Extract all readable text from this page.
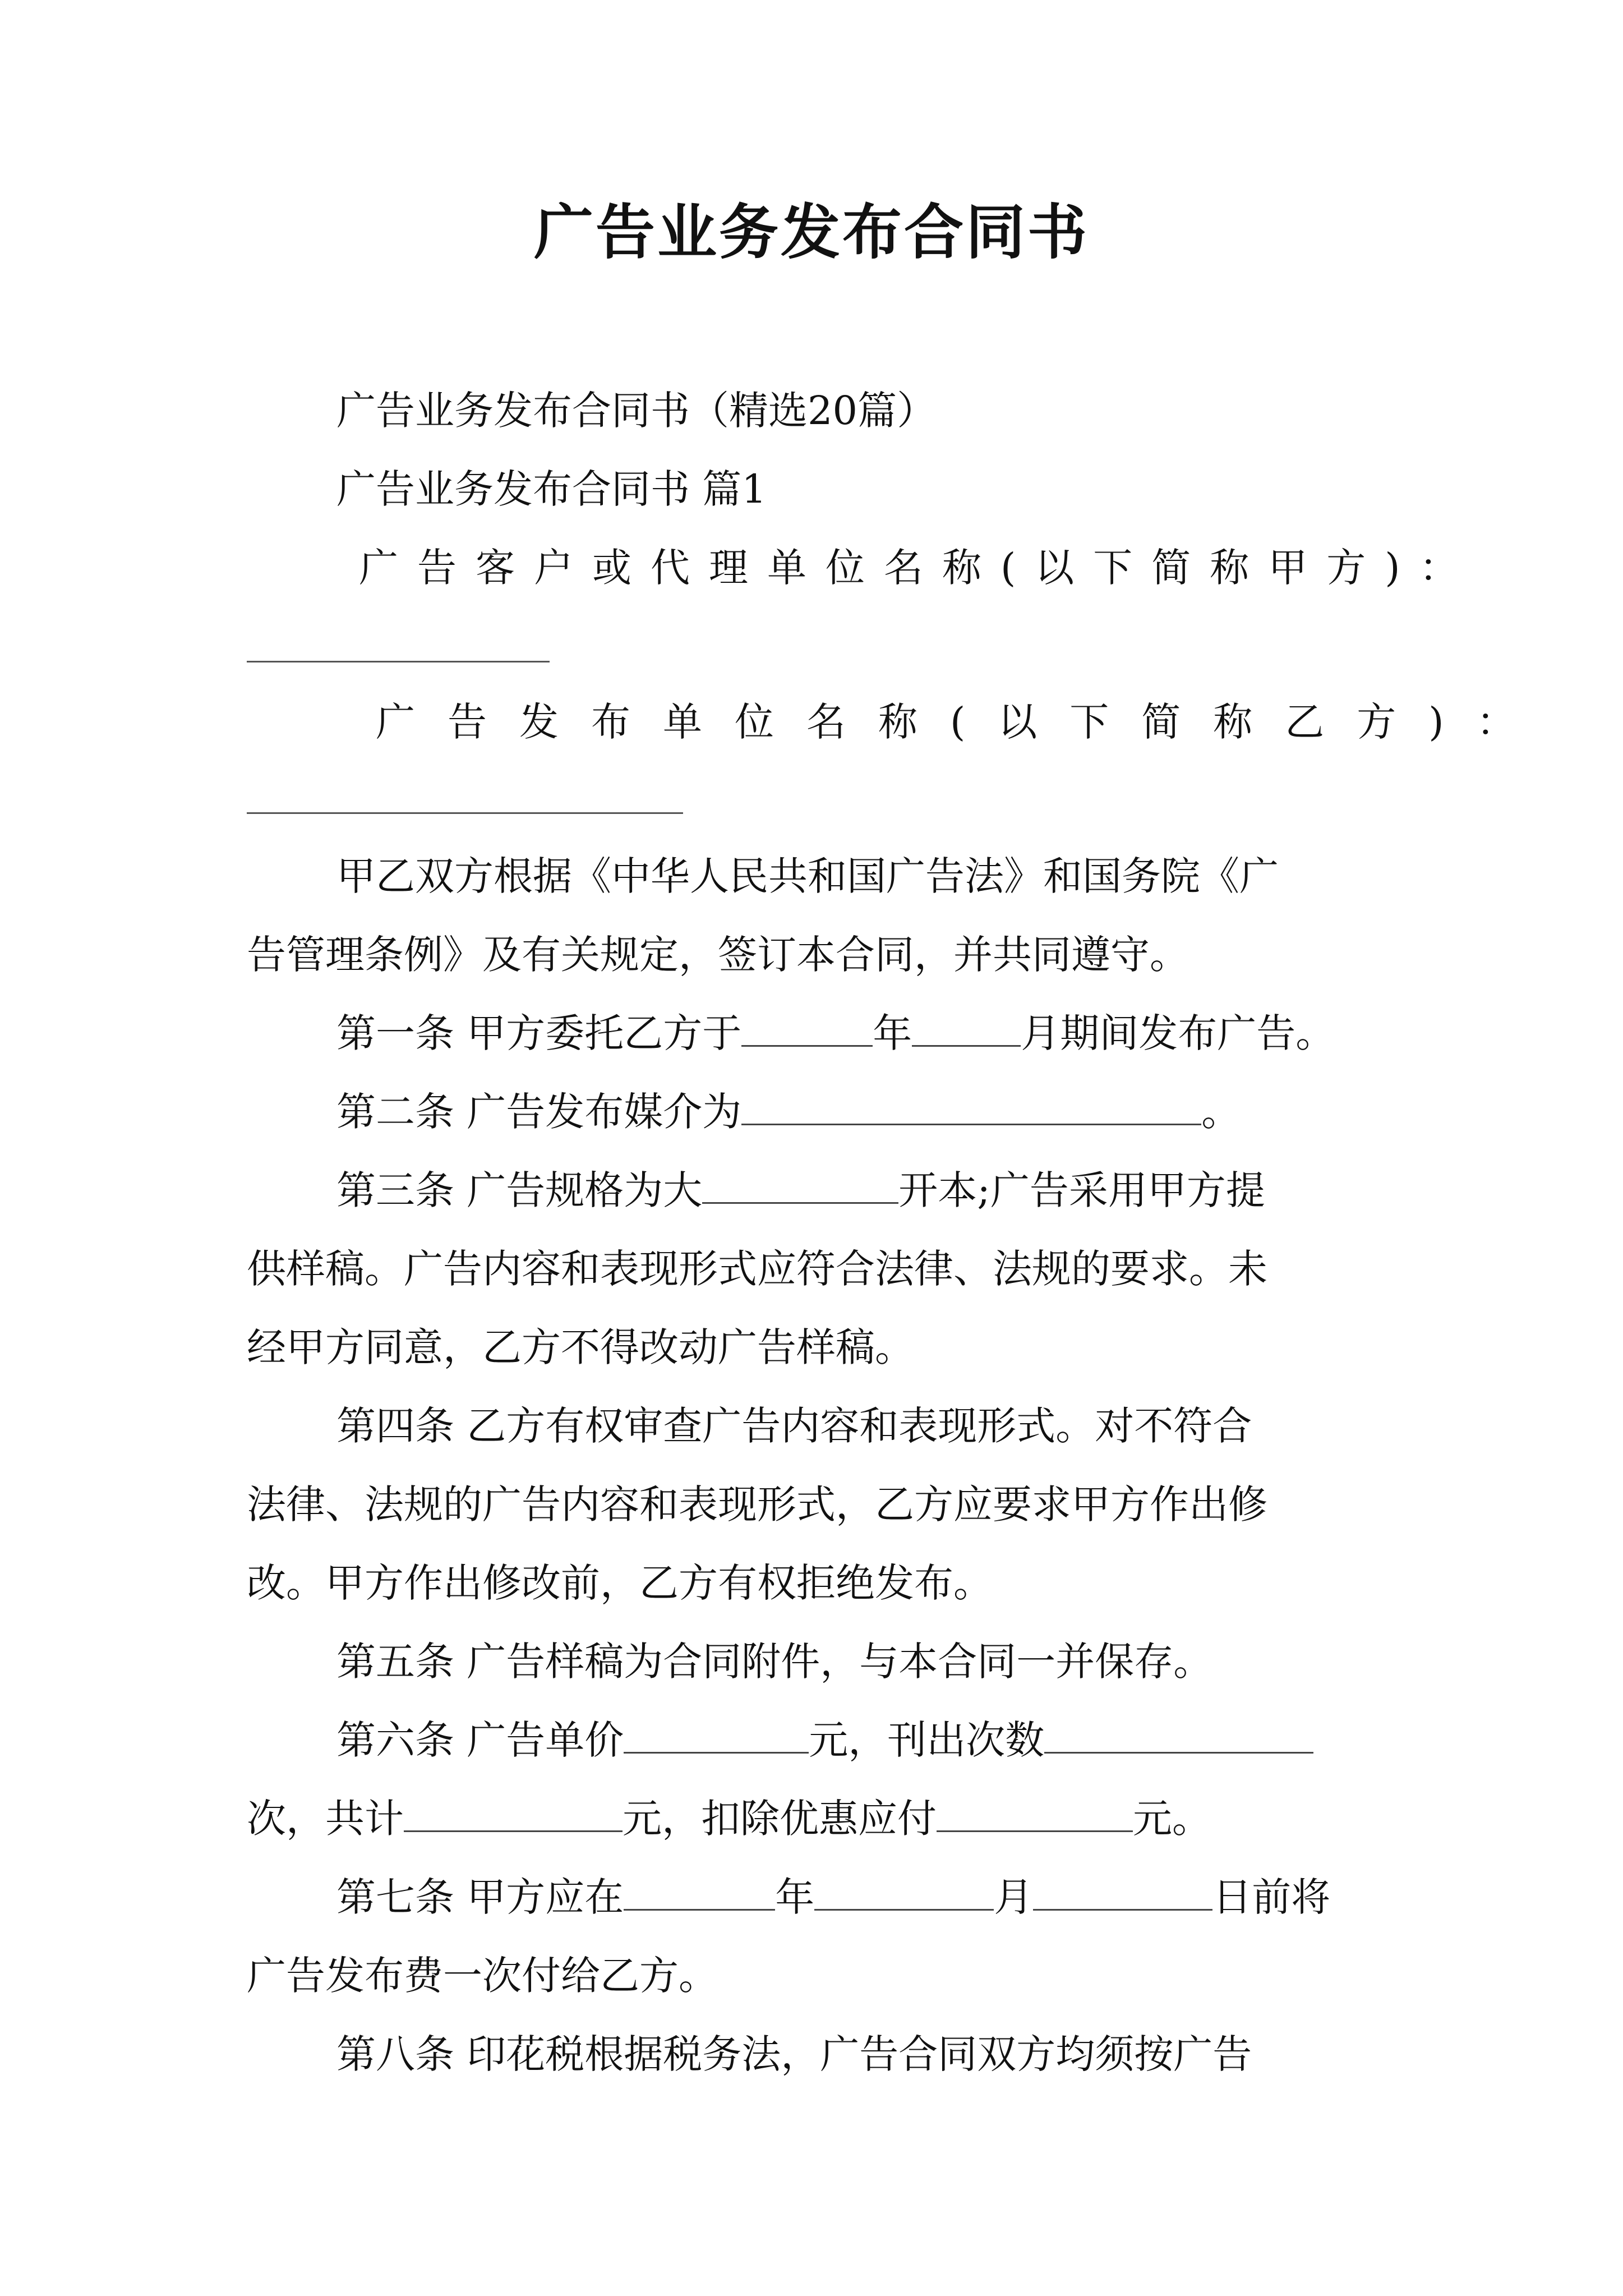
广告业务发布合同书
广告业务发布合同书（精选20篇）
广告业务发布合同书 篇1
广告客户或代理单位名称(以下简称甲方)：
广告发布单位名称(以下简称乙方)：
甲乙双方根据《中华人民共和国广告法》和国务院《广
告管理条例》及有关规定，签订本合同，并共同遵守。
第一条 甲方委托乙方于	年	月期间发布广告。
第二条 广告发布媒介为	。
第三条 广告规格为大	开本;广告采用甲方提
供样稿。广告内容和表现形式应符合法律、法规的要求。未
经甲方同意，乙方不得改动广告样稿。
第四条 乙方有权审查广告内容和表现形式。对不符合
法律、法规的广告内容和表现形式，乙方应要求甲方作出修
改。甲方作出修改前，乙方有权拒绝发布。
第五条 广告样稿为合同附件，与本合同一并保存。
第六条 广告单价	元，刊出次数
次，共计	元，扣除优惠应付	元。
第七条 甲方应在	年	月	日前将
广告发布费一次付给乙方。
第八条 印花税根据税务法，广告合同双方均须按广告
